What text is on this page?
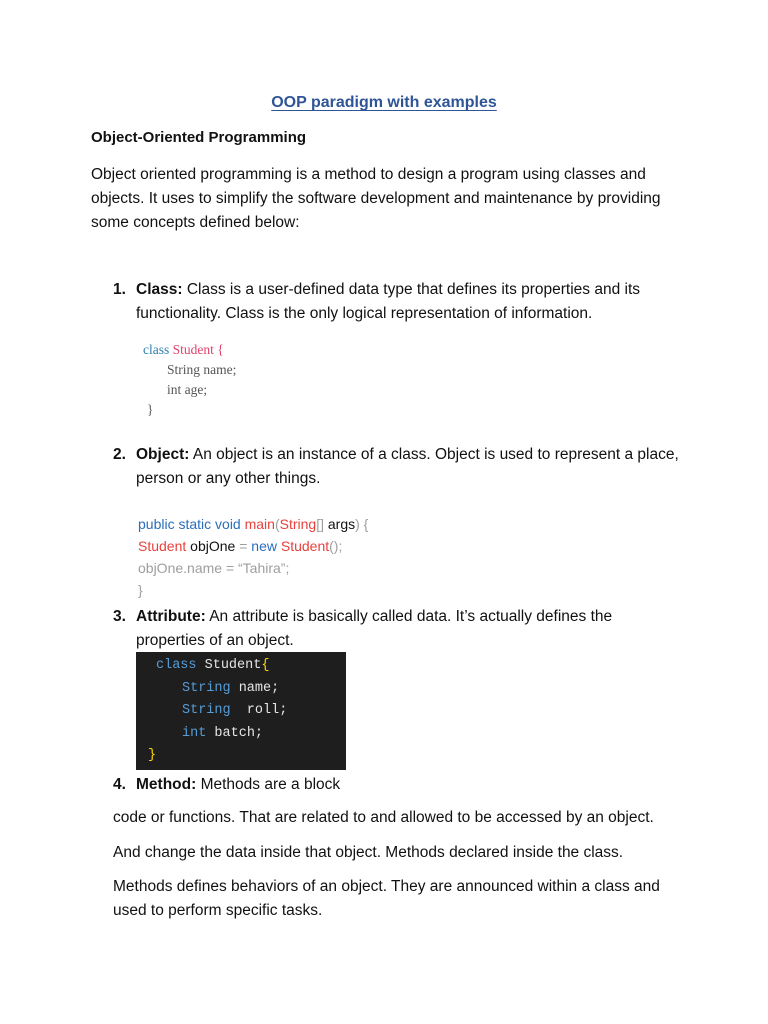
OOP paradigm with examples
Object-Oriented Programming
Object oriented programming is a method to design a program using classes and objects. It uses to simplify the software development and maintenance by providing some concepts defined below:
1. Class: Class is a user-defined data type that defines its properties and its functionality. Class is the only logical representation of information.
class Student {
String name;
int age;
}
2. Object: An object is an instance of a class. Object is used to represent a place, person or any other things.
public static void main(String[] args) {
Student objOne = new Student();
objOne.name = “Tahira”;
}
3. Attribute: An attribute is basically called data. It’s actually defines the properties of an object.
class Student{
String name;
String  roll;
int batch;
}
4. Method: Methods are a block
code or functions. That are related to and allowed to be accessed by an object.
And change the data inside that object. Methods declared inside the class.
Methods defines behaviors of an object. They are announced within a class and used to perform specific tasks.
